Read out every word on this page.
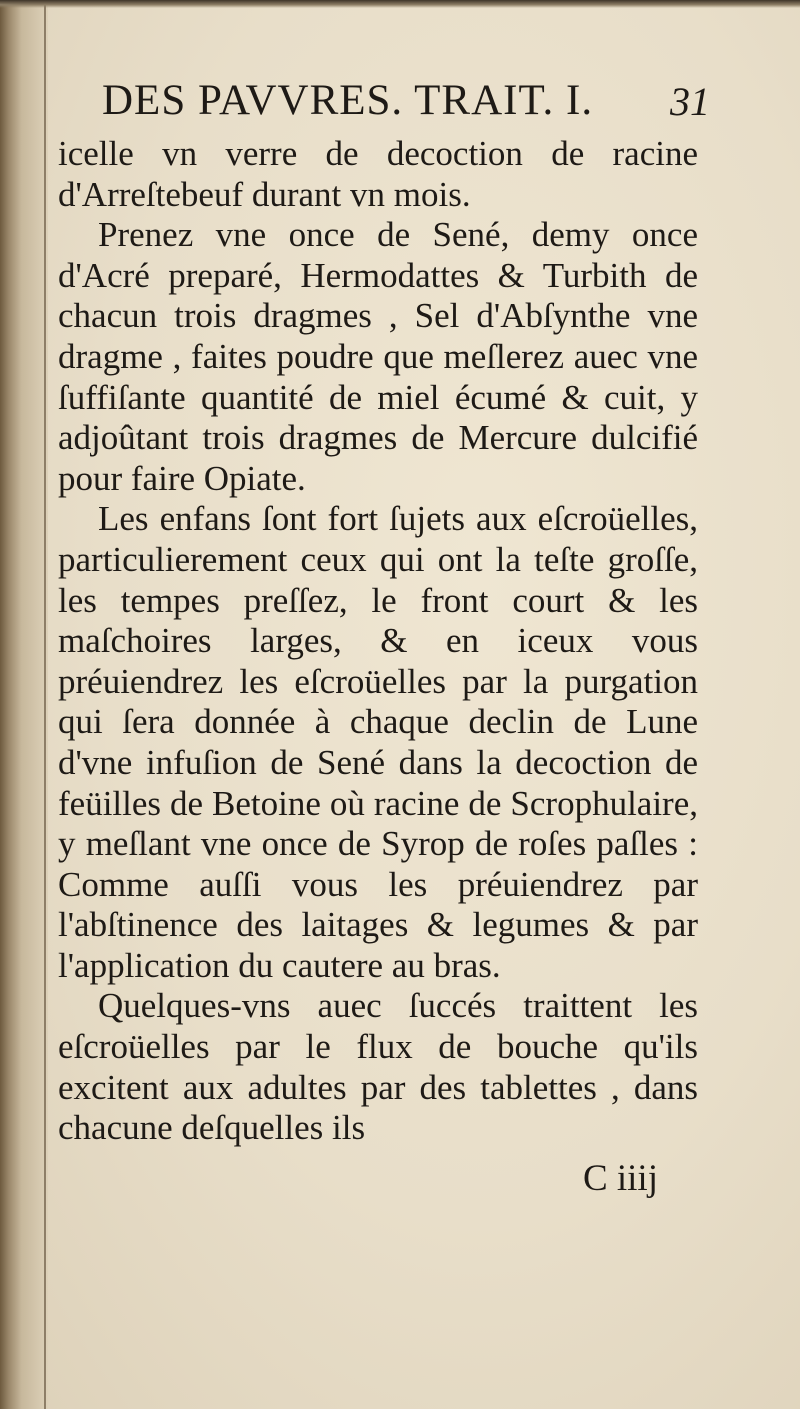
DES PAVVRES. TRAIT. I. 31

icelle vn verre de decoction de racine d'Arreſtebeuf durant vn mois.

Prenez vne once de Sené, demy once d'Acré preparé, Hermodattes & Turbith de chacun trois dragmes , Sel d'Abſynthe vne dragme , faites poudre que meſlerez auec vne ſuffiſante quantité de miel écumé & cuit, y adjoûtant trois dragmes de Mercure dulcifié pour faire Opiate.

Les enfans ſont fort ſujets aux eſcroüelles, particulierement ceux qui ont la teſte groſſe, les tempes preſſez, le front court & les maſchoires larges, & en iceux vous préuiendrez les eſcroüelles par la purgation qui ſera donnée à chaque declin de Lune d'vne infuſion de Sené dans la decoction de feüilles de Betoine où racine de Scrophulaire, y meſlant vne once de Syrop de roſes paſles : Comme auſſi vous les préuiendrez par l'abſtinence des laitages & legumes & par l'application du cautere au bras.

Quelques-vns auec ſuccés traittent les eſcroüelles par le flux de bouche qu'ils excitent aux adultes par des tablettes , dans chacune deſquelles ils

C iiij
